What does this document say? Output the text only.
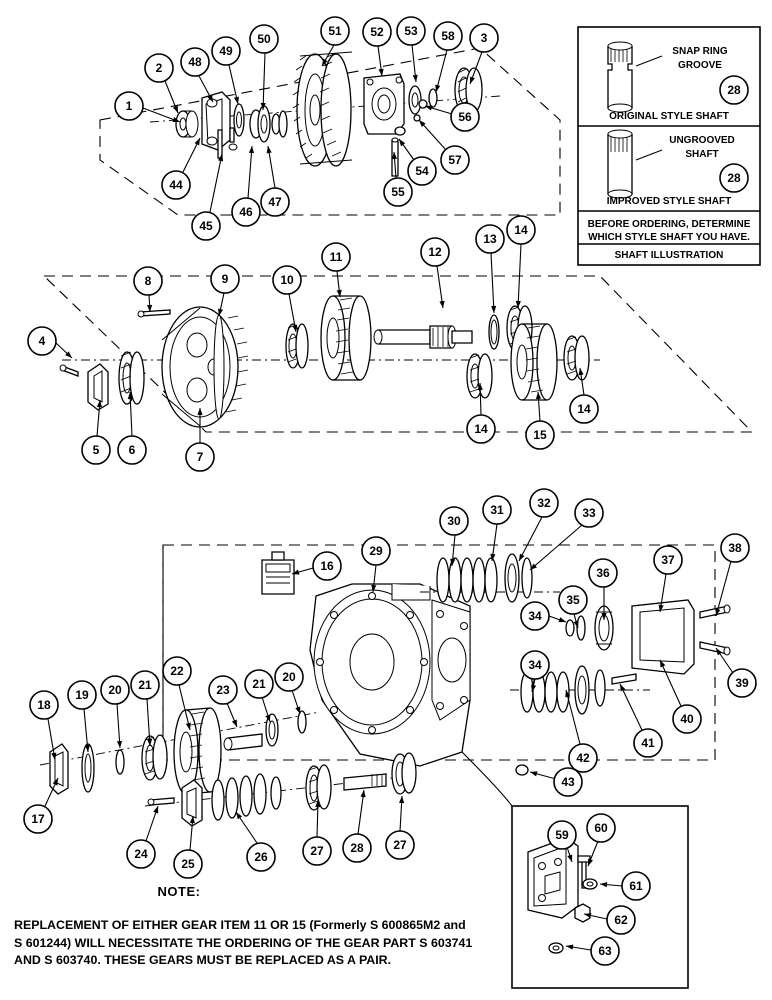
SNAP RING
GROOVE
ORIGINAL STYLE SHAFT
UNGROOVED
SHAFT
IMPROVED STYLE SHAFT
BEFORE ORDERING, DETERMINE
WHICH STYLE SHAFT YOU HAVE.
SHAFT ILLUSTRATION
28
28
1
2
44
45
46
47
48
49
50
51 52 53 58 3
56
57
54
55
4
5 6	7
8	9	10
11	12
13
14
14	15
14
16
29
30
31	32
33
34
35
36
37
38
39
40
41
42
43
34
18
17
19 20 21
22
23 21 20
24
25	26	27 28 27
59 60
61
62
63
NOTE:
REPLACEMENT OF EITHER GEAR ITEM 11 OR 15 (Formerly S 600865M2 and
S 601244) WILL NECESSITATE THE ORDERING OF THE GEAR PART S 603741
AND S 603740. THESE GEARS MUST BE REPLACED AS A PAIR.
